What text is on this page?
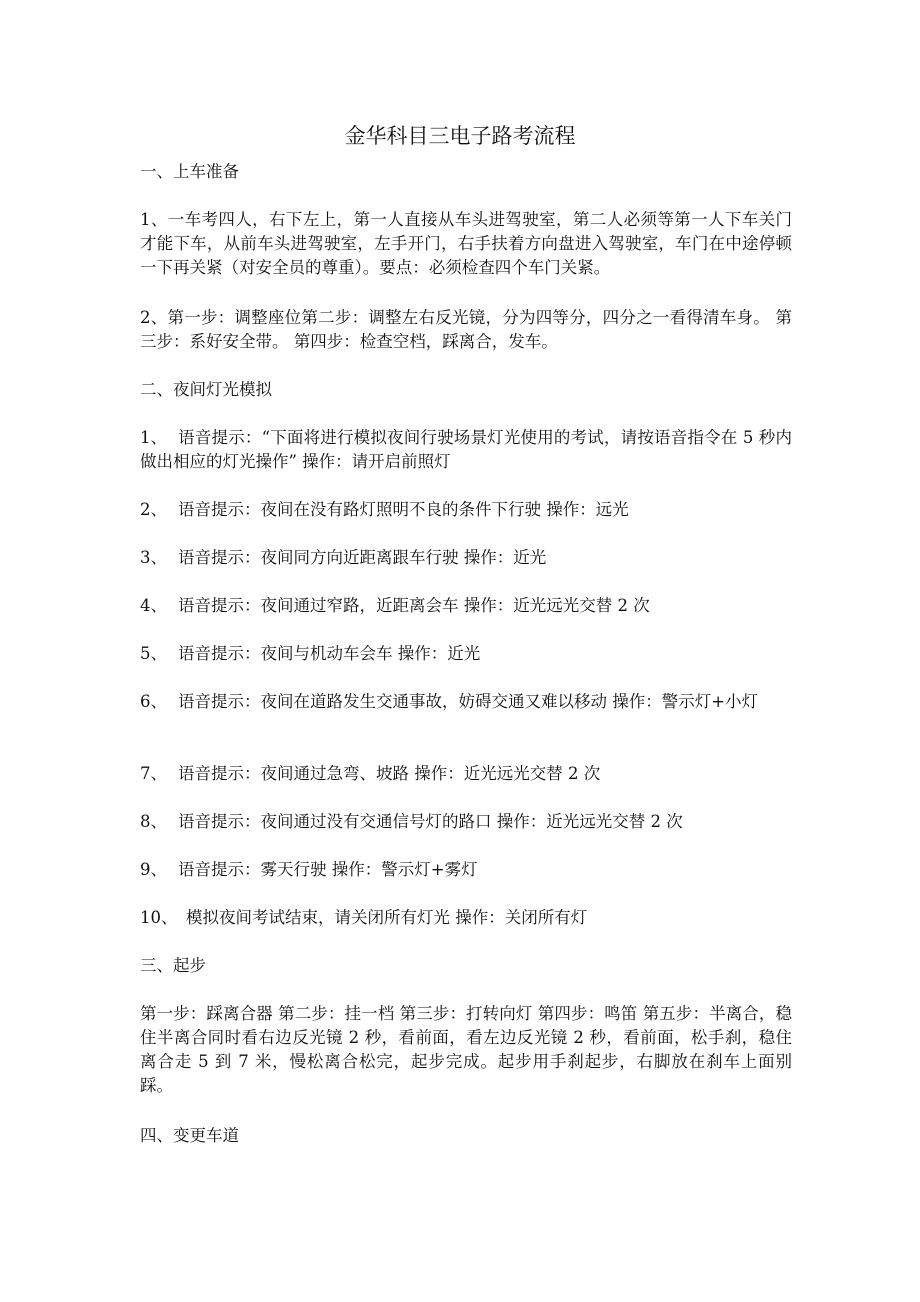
金华科目三电子路考流程
一、上车准备

1、一车考四人，右下左上，第一人直接从车头进驾驶室，第二人必须等第一人下车关门才能下车，从前车头进驾驶室，左手开门，右手扶着方向盘进入驾驶室，车门在中途停顿一下再关紧（对安全员的尊重）。要点：必须检查四个车门关紧。

2、第一步：调整座位第二步：调整左右反光镜，分为四等分，四分之一看得清车身。 第三步：系好安全带。 第四步：检查空档，踩离合，发车。

二、夜间灯光模拟

1、 语音提示：“下面将进行模拟夜间行驶场景灯光使用的考试，请按语音指令在 5 秒内做出相应的灯光操作” 操作：请开启前照灯

2、 语音提示：夜间在没有路灯照明不良的条件下行驶 操作：远光

3、 语音提示：夜间同方向近距离跟车行驶 操作：近光

4、 语音提示：夜间通过窄路，近距离会车 操作：近光远光交替 2 次

5、 语音提示：夜间与机动车会车 操作：近光

6、 语音提示：夜间在道路发生交通事故，妨碍交通又难以移动 操作：警示灯+小灯

7、 语音提示：夜间通过急弯、坡路 操作：近光远光交替 2 次

8、 语音提示：夜间通过没有交通信号灯的路口 操作：近光远光交替 2 次

9、 语音提示：雾天行驶 操作：警示灯+雾灯

10、 模拟夜间考试结束，请关闭所有灯光 操作：关闭所有灯

三、起步

第一步：踩离合器 第二步：挂一档 第三步：打转向灯 第四步：鸣笛 第五步：半离合，稳住半离合同时看右边反光镜 2 秒，看前面，看左边反光镜 2 秒，看前面，松手刹，稳住离合走 5 到 7 米，慢松离合松完，起步完成。起步用手刹起步，右脚放在刹车上面别踩。

四、变更车道
